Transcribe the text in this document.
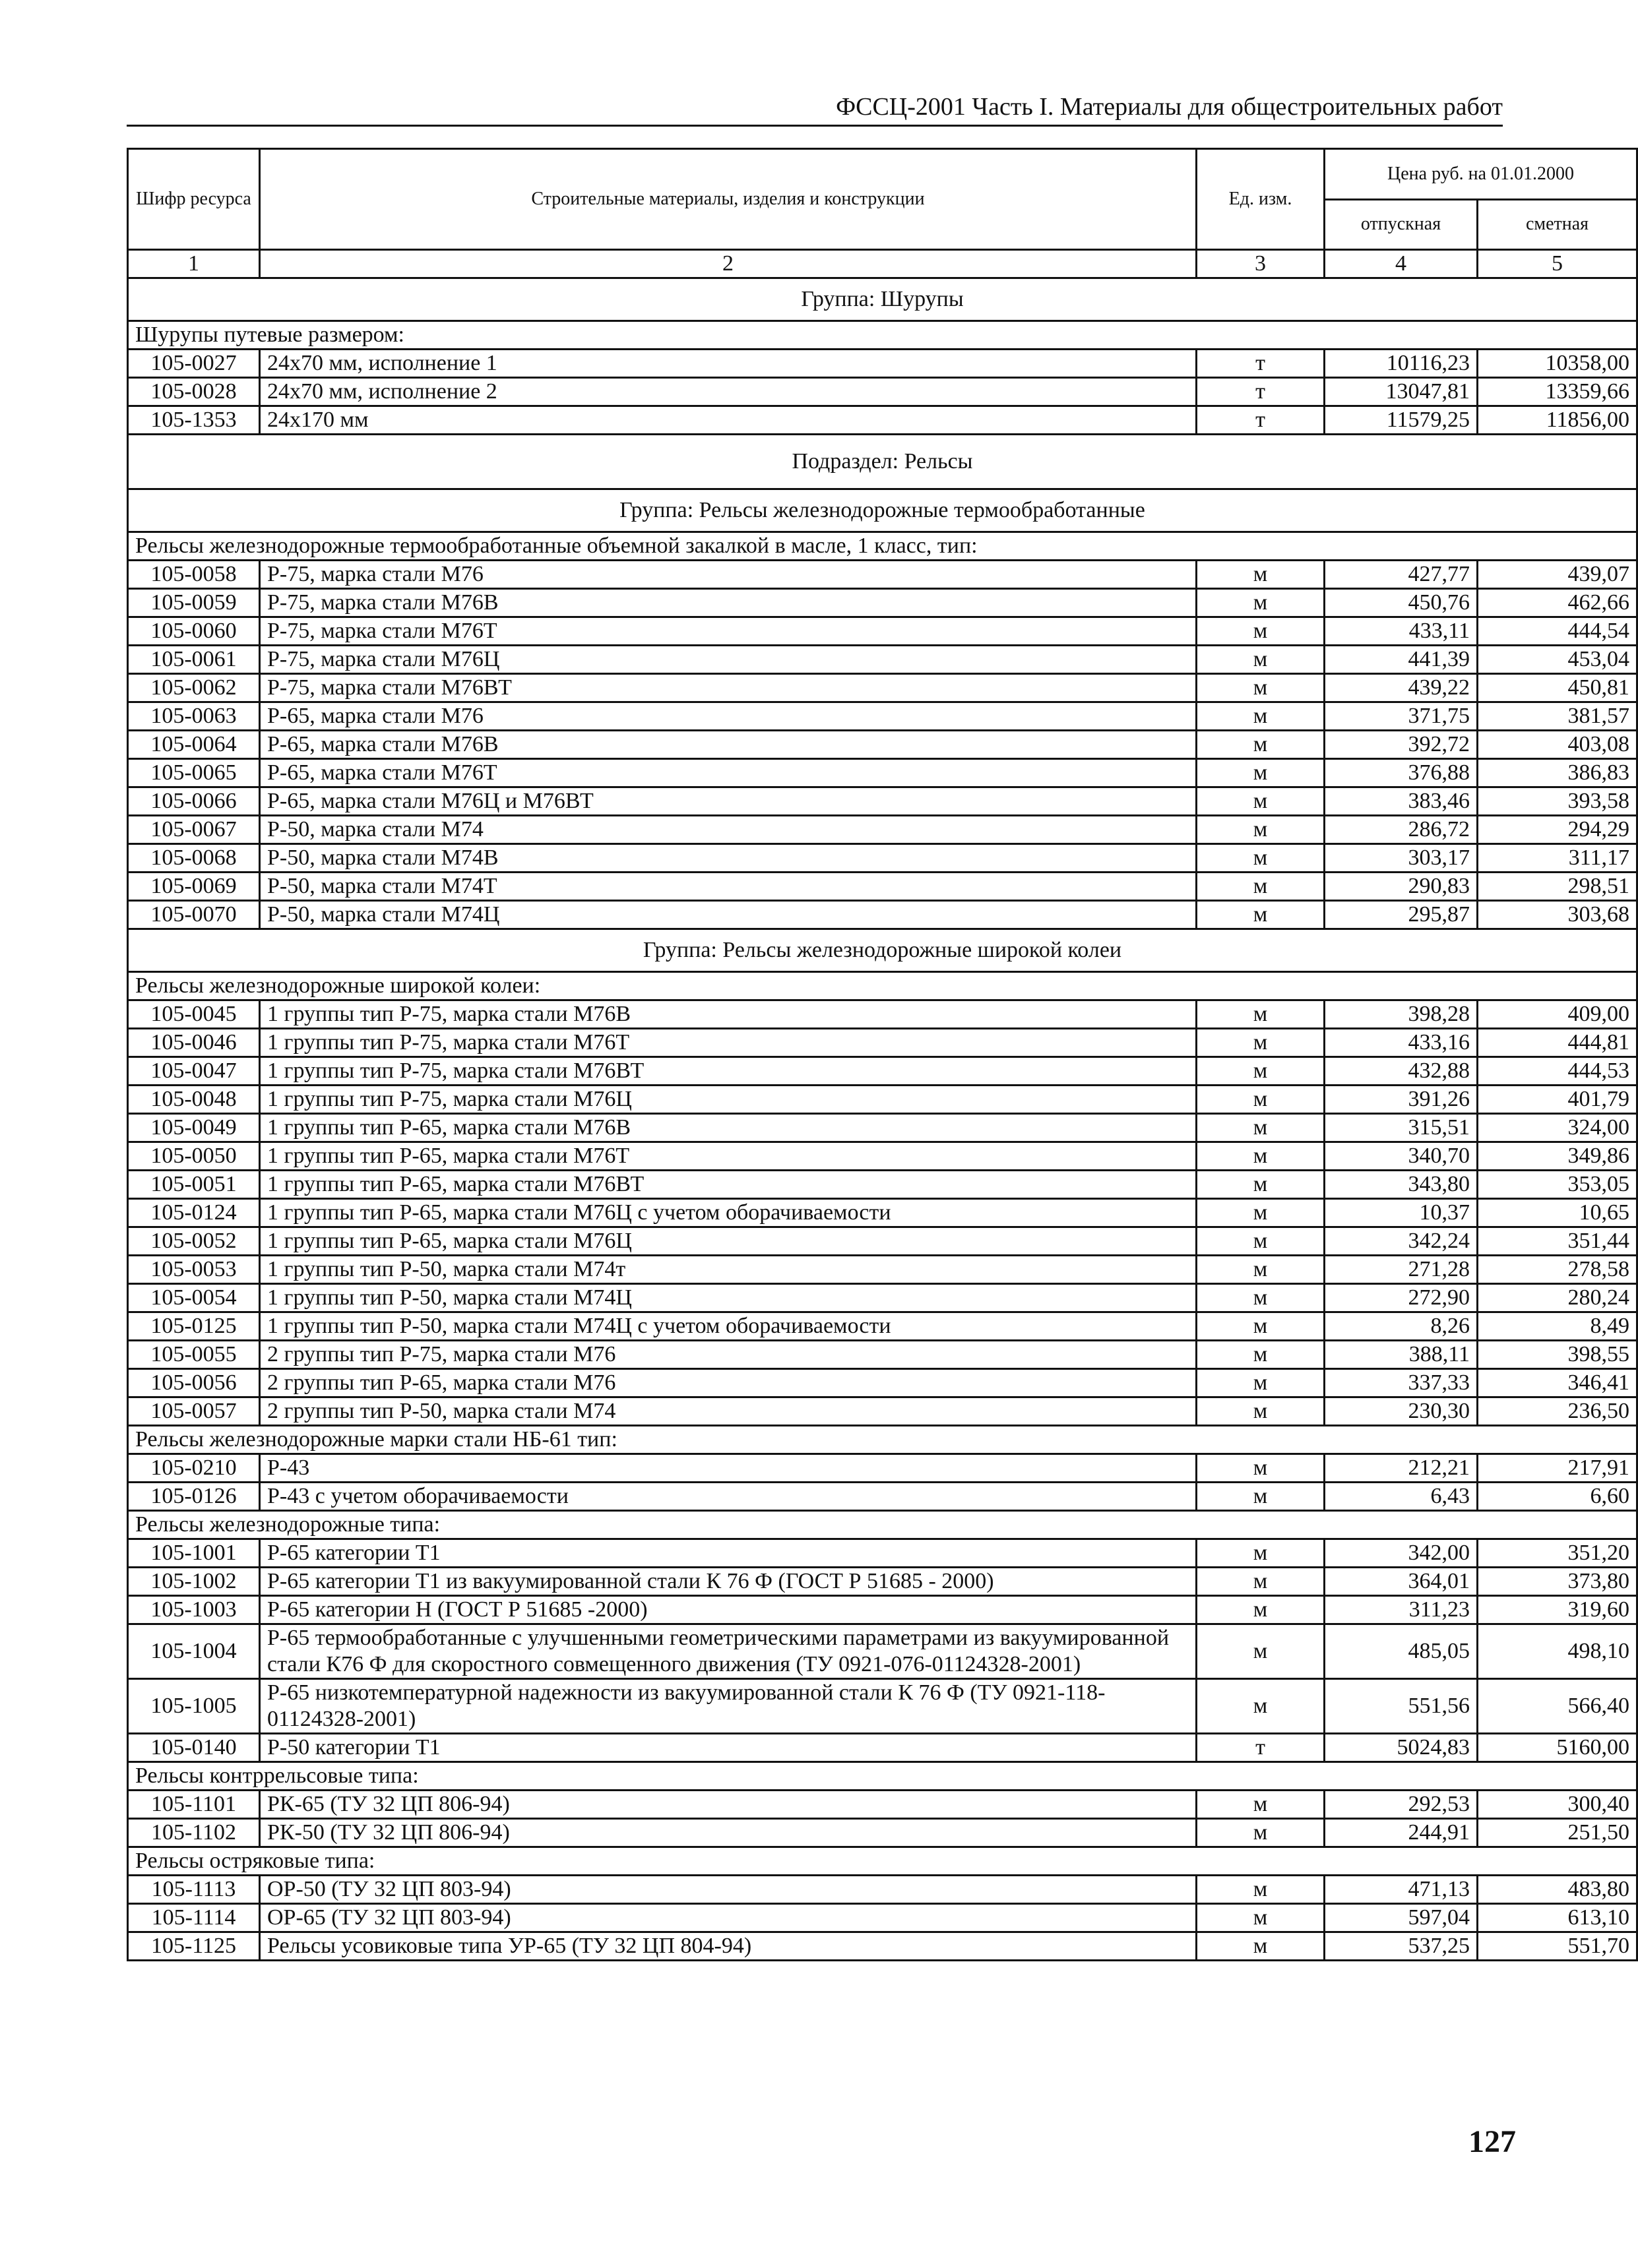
ФССЦ-2001 Часть I. Материалы для общестроительных работ
Шифр ресурса	Строительные материалы, изделия и конструкции	Ед. изм.	Цена руб. на 01.01.2000	
			отпускная	сметная
1	2	3	4	5
Группа: Шурупы				
Шурупы путевые размером:				
105-0027	24х70 мм, исполнение 1	т	10116,23	10358,00
105-0028	24х70 мм, исполнение 2	т	13047,81	13359,66
105-1353	24х170 мм	т	11579,25	11856,00
Подраздел: Рельсы				
Группа: Рельсы железнодорожные термообработанные				
Рельсы железнодорожные термообработанные объемной закалкой в масле, 1 класс, тип:				
105-0058	Р-75, марка стали М76	м	427,77	439,07
105-0059	Р-75, марка стали М76В	м	450,76	462,66
105-0060	Р-75, марка стали М76Т	м	433,11	444,54
105-0061	Р-75, марка стали М76Ц	м	441,39	453,04
105-0062	Р-75, марка стали М76ВТ	м	439,22	450,81
105-0063	Р-65, марка стали М76	м	371,75	381,57
105-0064	Р-65, марка стали М76В	м	392,72	403,08
105-0065	Р-65, марка стали М76Т	м	376,88	386,83
105-0066	Р-65, марка стали М76Ц и М76ВТ	м	383,46	393,58
105-0067	Р-50, марка стали М74	м	286,72	294,29
105-0068	Р-50, марка стали М74В	м	303,17	311,17
105-0069	Р-50, марка стали М74Т	м	290,83	298,51
105-0070	Р-50, марка стали М74Ц	м	295,87	303,68
Группа: Рельсы железнодорожные широкой колеи				
Рельсы железнодорожные широкой колеи:				
105-0045	1 группы тип Р-75, марка стали М76В	м	398,28	409,00
105-0046	1 группы тип Р-75, марка стали М76Т	м	433,16	444,81
105-0047	1 группы тип Р-75, марка стали М76ВТ	м	432,88	444,53
105-0048	1 группы тип Р-75, марка стали М76Ц	м	391,26	401,79
105-0049	1 группы тип Р-65, марка стали М76В	м	315,51	324,00
105-0050	1 группы тип Р-65, марка стали М76Т	м	340,70	349,86
105-0051	1 группы тип Р-65, марка стали М76ВТ	м	343,80	353,05
105-0124	1 группы тип Р-65, марка стали М76Ц с учетом оборачиваемости	м	10,37	10,65
105-0052	1 группы тип Р-65, марка стали М76Ц	м	342,24	351,44
105-0053	1 группы тип Р-50, марка стали М74т	м	271,28	278,58
105-0054	1 группы тип Р-50, марка стали М74Ц	м	272,90	280,24
105-0125	1 группы тип Р-50, марка стали М74Ц с учетом оборачиваемости	м	8,26	8,49
105-0055	2 группы тип Р-75, марка стали М76	м	388,11	398,55
105-0056	2 группы тип Р-65, марка стали М76	м	337,33	346,41
105-0057	2 группы тип Р-50, марка стали М74	м	230,30	236,50
Рельсы железнодорожные марки стали НБ-61 тип:				
105-0210	Р-43	м	212,21	217,91
105-0126	Р-43 с учетом оборачиваемости	м	6,43	6,60
Рельсы железнодорожные типа:				
105-1001	Р-65 категории Т1	м	342,00	351,20
105-1002	Р-65 категории Т1 из вакуумированной стали К 76 Ф (ГОСТ Р 51685 - 2000)	м	364,01	373,80
105-1003	Р-65 категории Н (ГОСТ Р 51685 -2000)	м	311,23	319,60
105-1004	Р-65 термообработанные с улучшенными геометрическими параметрами из вакуумированной стали К76 Ф для скоростного совмещенного движения (ТУ 0921-076-01124328-2001)	м	485,05	498,10
105-1005	Р-65 низкотемпературной надежности из вакуумированной стали К 76 Ф (ТУ 0921-118-01124328-2001)	м	551,56	566,40
105-0140	Р-50 категории Т1	т	5024,83	5160,00
Рельсы контррельсовые типа:				
105-1101	РК-65 (ТУ 32 ЦП 806-94)	м	292,53	300,40
105-1102	РК-50 (ТУ 32 ЦП 806-94)	м	244,91	251,50
Рельсы остряковые типа:				
105-1113	ОР-50 (ТУ 32 ЦП 803-94)	м	471,13	483,80
105-1114	ОР-65 (ТУ 32 ЦП 803-94)	м	597,04	613,10
105-1125	Рельсы усовиковые типа УР-65 (ТУ 32 ЦП 804-94)	м	537,25	551,70
127
